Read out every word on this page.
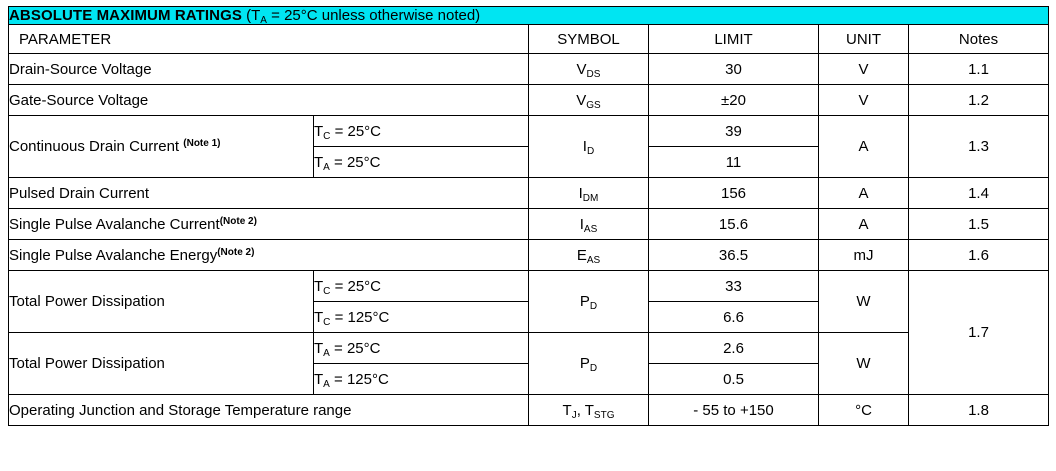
ABSOLUTE MAXIMUM RATINGS ($T_A = 25^\circ C$ unless otherwise noted)					
PARAMETER		SYMBOL	LIMIT	UNIT	Notes
Drain-Source Voltage		$V_{DS}$	30	V	1.1
Gate-Source Voltage		$V_{GS}$	±20	V	1.2
Continuous Drain Current $^{(Note 1)}$	$T_C = 25^\circ C$	$I_D$	39	A	1.3
	$T_A = 25^\circ C$		11		
Pulsed Drain Current		$I_{DM}$	156	A	1.4
Single Pulse Avalanche Current$^{(Note 2)}$		$I_{AS}$	15.6	A	1.5
Single Pulse Avalanche Energy$^{(Note 2)}$		$E_{AS}$	36.5	mJ	1.6
Total Power Dissipation	$T_C = 25^\circ C$	$P_D$	33	W	1.7
	$T_C = 125^\circ C$		6.6		
Total Power Dissipation	$T_A = 25^\circ C$	$P_D$	2.6	W	
	$T_A = 125^\circ C$		0.5		
Operating Junction and Storage Temperature range		$T_J$, $T_{STG}$	- 55 to +150	°C	1.8
